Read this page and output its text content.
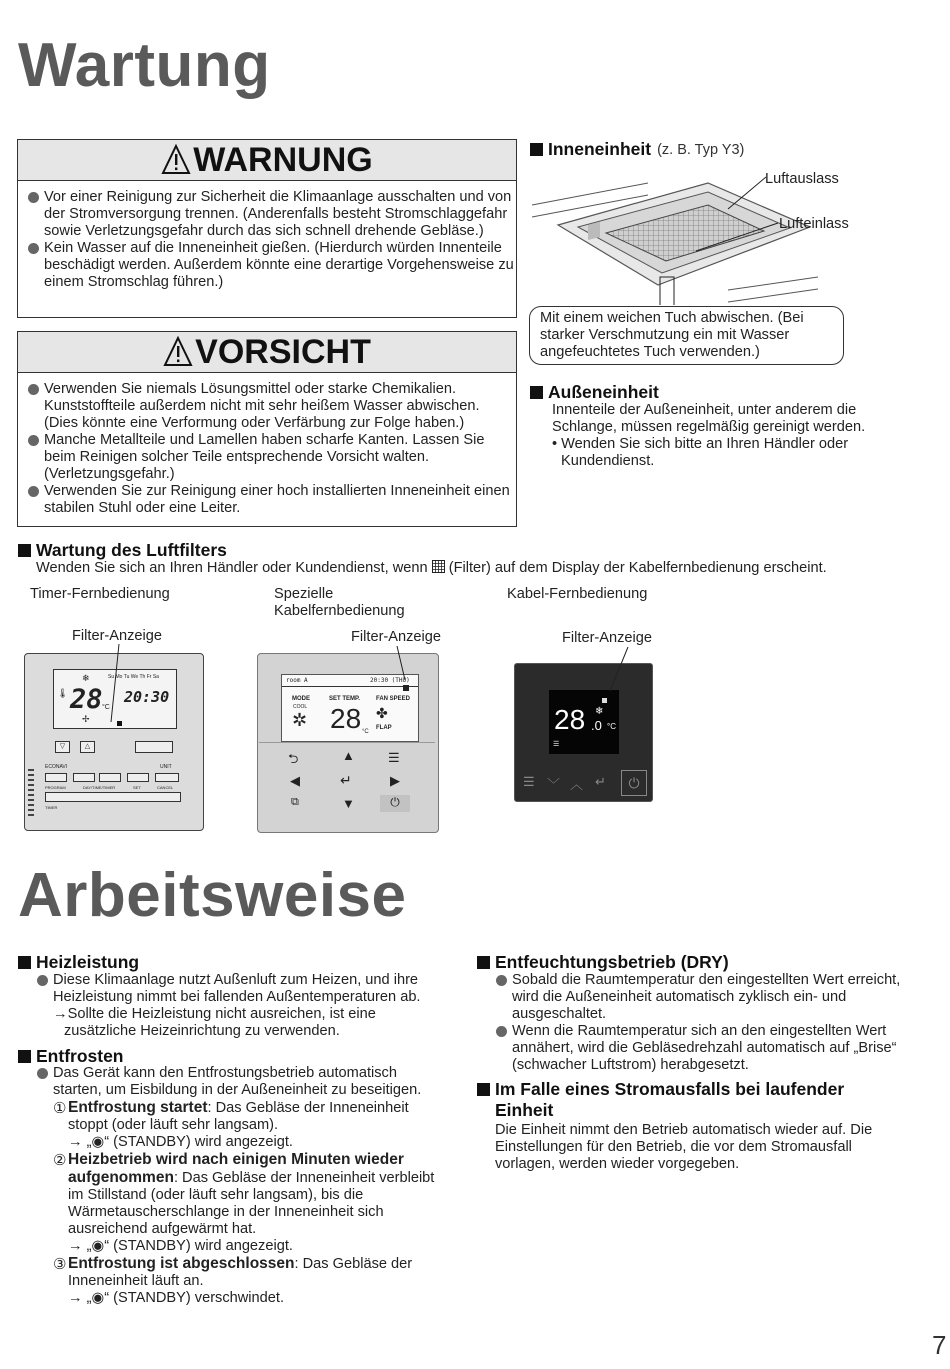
Wartung
WARNUNG

Vor einer Reinigung zur Sicherheit die Klimaanlage ausschalten und von der Stromversorgung trennen. (Anderenfalls besteht Stromschlaggefahr sowie Verletzungsgefahr durch das sich schnell drehende Gebläse.)

Kein Wasser auf die Inneneinheit gießen. (Hierdurch würden Innenteile beschädigt werden. Außerdem könnte eine derartige Vorgehensweise zu einem Stromschlag führen.)

VORSICHT

Verwenden Sie niemals Lösungsmittel oder starke Chemikalien. Kunststoffteile außerdem nicht mit sehr heißem Wasser abwischen. (Dies könnte eine Verformung oder Verfärbung zur Folge haben.)

Manche Metallteile und Lamellen haben scharfe Kanten. Lassen Sie beim Reinigen solcher Teile entsprechende Vorsicht walten. (Verletzungsgefahr.)

Verwenden Sie zur Reinigung einer hoch installierten Inneneinheit einen stabilen Stuhl oder eine Leiter.

Inneneinheit (z. B. Typ Y3)
Luftauslass
Lufteinlass
Mit einem weichen Tuch abwischen. (Bei starker Verschmutzung ein mit Wasser angefeuchtetes Tuch verwenden.)
Außeneinheit
Innenteile der Außeneinheit, unter anderem die Schlange, müssen regelmäßig gereinigt werden.
• Wenden Sie sich bitte an Ihren Händler oder Kundendienst.
Wartung des Luftfilters
Wenden Sie sich an Ihren Händler oder Kundendienst, wenn (Filter) auf dem Display der Kabelfernbedienung erscheint.
Timer-Fernbedienung	Spezielle Kabelfernbedienung
Kabel-Fernbedienung
Filter-Anzeige	Filter-Anzeige	Filter-Anzeige
Su Mo Tu We Th Fr Sa
28 °C
20:30
❄
✢
🌡
▽	△
ECONAVI	UNIT
PROGRAM	DAY/TIME/TIMER	SET	CANCEL
TIMER
room A	20:30 (THU)
MODE
COOL
✲
SET TEMP.
28 °C
FAN SPEED
✤
FLAP
⮌	▲	☰
◀	↵	▶
⧉	▼	⏻
28 .0 °C
❄
☰
☰ ﹀ ︿ ↵	⏻
Arbeitsweise
Heizleistung

Diese Klimaanlage nutzt Außenluft zum Heizen, und ihre Heizleistung nimmt bei fallenden Außentemperaturen ab.

→Sollte die Heizleistung nicht ausreichen, ist eine zusätzliche Heizeinrichtung zu verwenden.
Entfrosten

Das Gerät kann den Entfrostungsbetrieb automatisch starten, um Eisbildung in der Außeneinheit zu beseitigen.

① Entfrostung startet: Das Gebläse der Inneneinheit stoppt (oder läuft sehr langsam).
→ „◉“ (STANDBY) wird angezeigt.
② Heizbetrieb wird nach einigen Minuten wieder aufgenommen: Das Gebläse der Inneneinheit verbleibt im Stillstand (oder läuft sehr langsam), bis die Wärmetauscherschlange in der Inneneinheit sich ausreichend aufgewärmt hat.
→ „◉“ (STANDBY) wird angezeigt.
③ Entfrostung ist abgeschlossen: Das Gebläse der Inneneinheit läuft an.
→ „◉“ (STANDBY) verschwindet.
Entfeuchtungsbetrieb (DRY)

Sobald die Raumtemperatur den eingestellten Wert erreicht, wird die Außeneinheit automatisch zyklisch ein- und ausgeschaltet.

Wenn die Raumtemperatur sich an den eingestellten Wert annähert, wird die Gebläsedrehzahl automatisch auf „Brise“ (schwacher Luftstrom) herabgesetzt.

Im Falle eines Stromausfalls bei laufender Einheit
Die Einheit nimmt den Betrieb automatisch wieder auf. Die Einstellungen für den Betrieb, die vor dem Stromausfall vorlagen, werden wieder vorgegeben.
7
